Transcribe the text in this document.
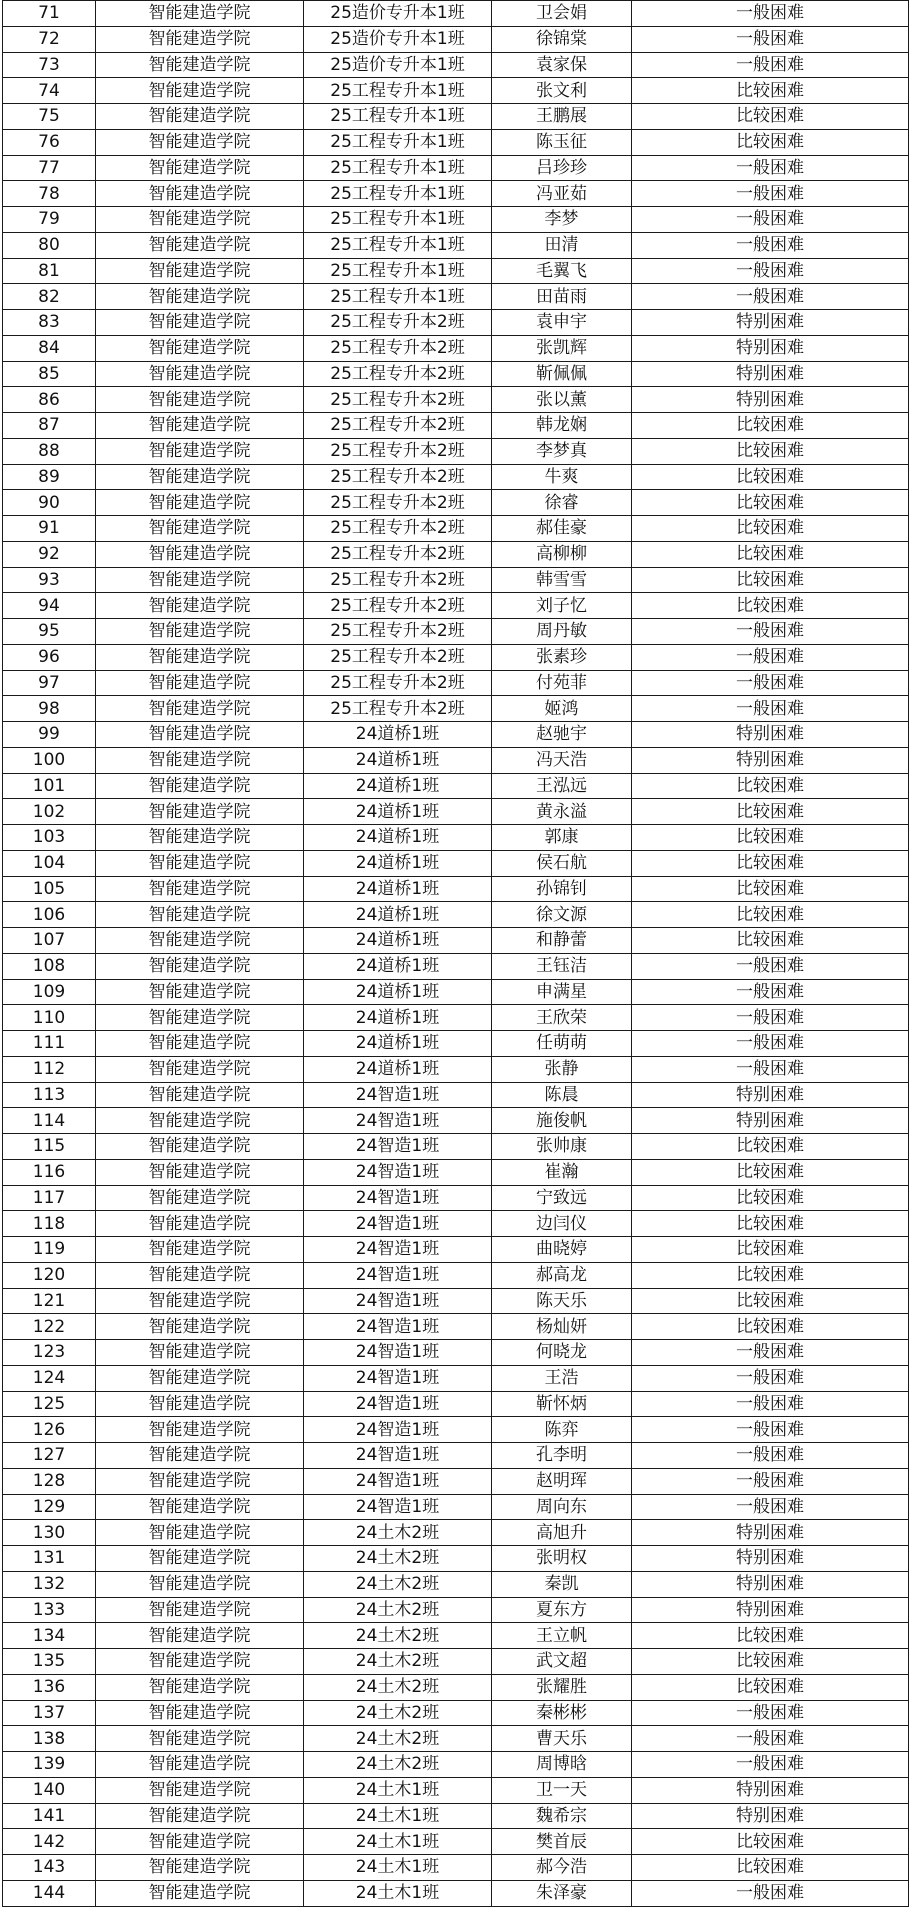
71	智能建造学院	25造价专升本1班	卫会娟	一般困难
72	智能建造学院	25造价专升本1班	徐锦棠	一般困难
73	智能建造学院	25造价专升本1班	袁家保	一般困难
74	智能建造学院	25工程专升本1班	张文利	比较困难
75	智能建造学院	25工程专升本1班	王鹏展	比较困难
76	智能建造学院	25工程专升本1班	陈玉征	比较困难
77	智能建造学院	25工程专升本1班	吕珍珍	一般困难
78	智能建造学院	25工程专升本1班	冯亚茹	一般困难
79	智能建造学院	25工程专升本1班	李梦	一般困难
80	智能建造学院	25工程专升本1班	田清	一般困难
81	智能建造学院	25工程专升本1班	毛翼飞	一般困难
82	智能建造学院	25工程专升本1班	田苗雨	一般困难
83	智能建造学院	25工程专升本2班	袁申宇	特别困难
84	智能建造学院	25工程专升本2班	张凯辉	特别困难
85	智能建造学院	25工程专升本2班	靳佩佩	特别困难
86	智能建造学院	25工程专升本2班	张以薰	特别困难
87	智能建造学院	25工程专升本2班	韩龙娴	比较困难
88	智能建造学院	25工程专升本2班	李梦真	比较困难
89	智能建造学院	25工程专升本2班	牛爽	比较困难
90	智能建造学院	25工程专升本2班	徐睿	比较困难
91	智能建造学院	25工程专升本2班	郝佳豪	比较困难
92	智能建造学院	25工程专升本2班	高柳柳	比较困难
93	智能建造学院	25工程专升本2班	韩雪雪	比较困难
94	智能建造学院	25工程专升本2班	刘子忆	比较困难
95	智能建造学院	25工程专升本2班	周丹敏	一般困难
96	智能建造学院	25工程专升本2班	张素珍	一般困难
97	智能建造学院	25工程专升本2班	付苑菲	一般困难
98	智能建造学院	25工程专升本2班	姬鸿	一般困难
99	智能建造学院	24道桥1班	赵驰宇	特别困难
100	智能建造学院	24道桥1班	冯天浩	特别困难
101	智能建造学院	24道桥1班	王泓远	比较困难
102	智能建造学院	24道桥1班	黄永溢	比较困难
103	智能建造学院	24道桥1班	郭康	比较困难
104	智能建造学院	24道桥1班	侯石航	比较困难
105	智能建造学院	24道桥1班	孙锦钊	比较困难
106	智能建造学院	24道桥1班	徐文源	比较困难
107	智能建造学院	24道桥1班	和静蕾	比较困难
108	智能建造学院	24道桥1班	王钰洁	一般困难
109	智能建造学院	24道桥1班	申满星	一般困难
110	智能建造学院	24道桥1班	王欣荣	一般困难
111	智能建造学院	24道桥1班	任萌萌	一般困难
112	智能建造学院	24道桥1班	张静	一般困难
113	智能建造学院	24智造1班	陈晨	特别困难
114	智能建造学院	24智造1班	施俊帆	特别困难
115	智能建造学院	24智造1班	张帅康	比较困难
116	智能建造学院	24智造1班	崔瀚	比较困难
117	智能建造学院	24智造1班	宁致远	比较困难
118	智能建造学院	24智造1班	边闫仪	比较困难
119	智能建造学院	24智造1班	曲晓婷	比较困难
120	智能建造学院	24智造1班	郝高龙	比较困难
121	智能建造学院	24智造1班	陈天乐	比较困难
122	智能建造学院	24智造1班	杨灿妍	比较困难
123	智能建造学院	24智造1班	何晓龙	一般困难
124	智能建造学院	24智造1班	王浩	一般困难
125	智能建造学院	24智造1班	靳怀炳	一般困难
126	智能建造学院	24智造1班	陈弈	一般困难
127	智能建造学院	24智造1班	孔李明	一般困难
128	智能建造学院	24智造1班	赵明珲	一般困难
129	智能建造学院	24智造1班	周向东	一般困难
130	智能建造学院	24土木2班	高旭升	特别困难
131	智能建造学院	24土木2班	张明权	特别困难
132	智能建造学院	24土木2班	秦凯	特别困难
133	智能建造学院	24土木2班	夏东方	特别困难
134	智能建造学院	24土木2班	王立帆	比较困难
135	智能建造学院	24土木2班	武文超	比较困难
136	智能建造学院	24土木2班	张耀胜	比较困难
137	智能建造学院	24土木2班	秦彬彬	一般困难
138	智能建造学院	24土木2班	曹天乐	一般困难
139	智能建造学院	24土木2班	周博晗	一般困难
140	智能建造学院	24土木1班	卫一天	特别困难
141	智能建造学院	24土木1班	魏希宗	特别困难
142	智能建造学院	24土木1班	樊首辰	比较困难
143	智能建造学院	24土木1班	郝今浩	比较困难
144	智能建造学院	24土木1班	朱泽豪	一般困难
